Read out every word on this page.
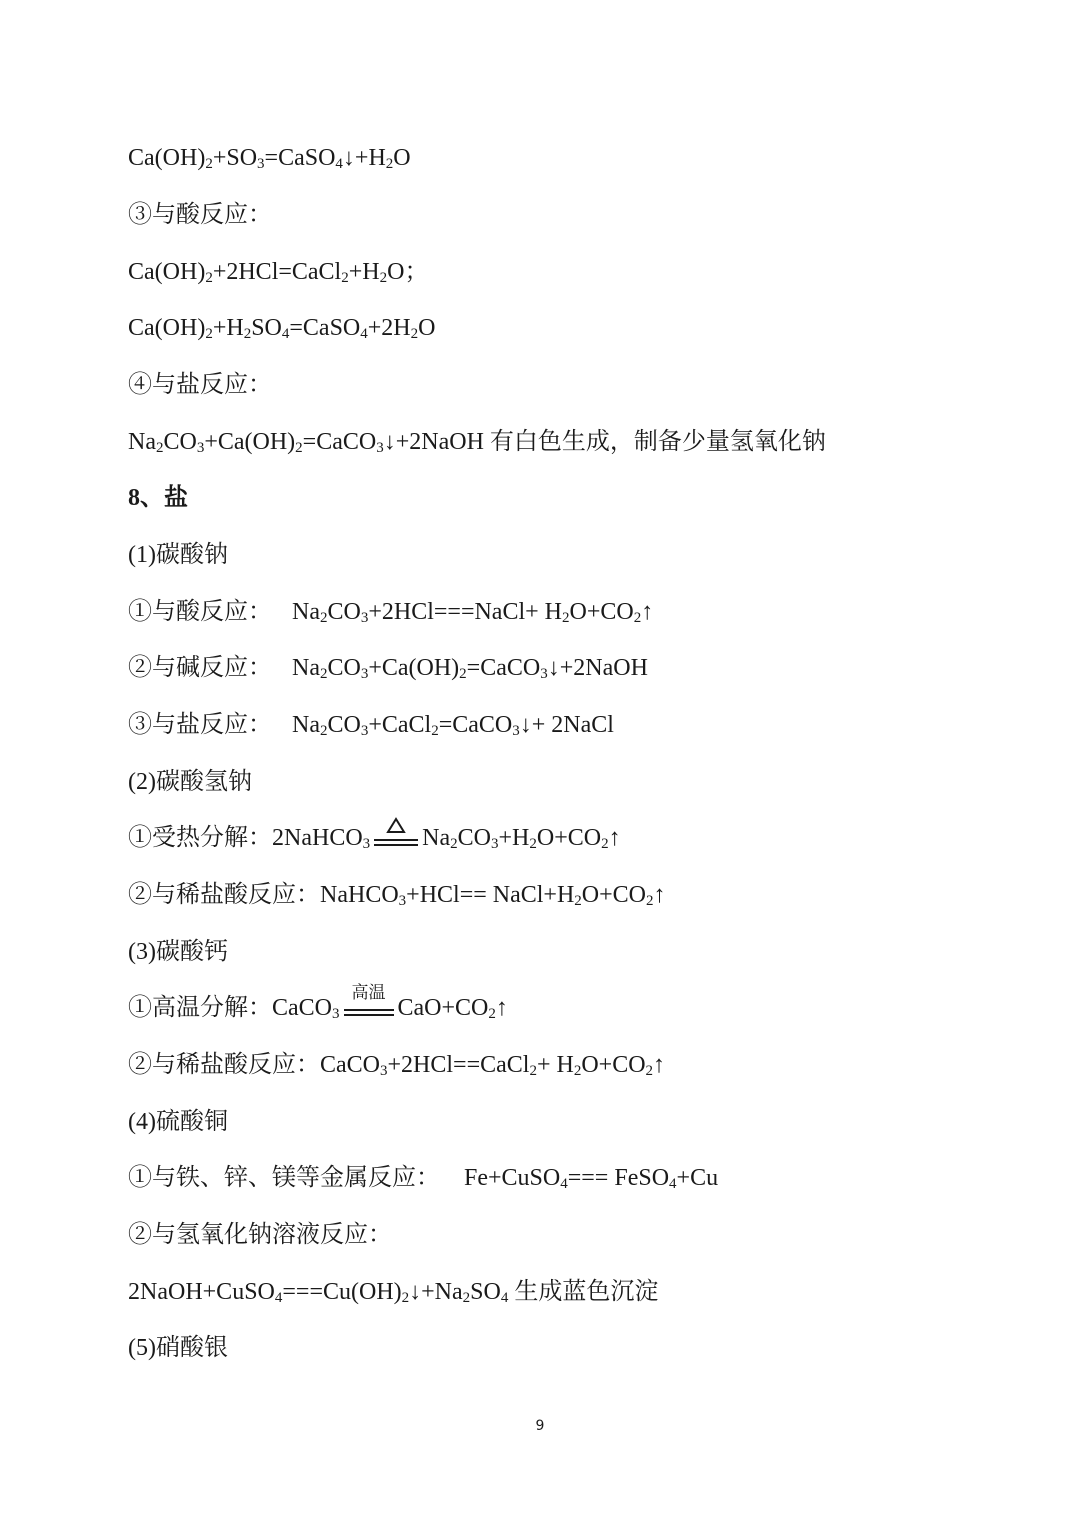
$Ca(OH)_2+SO_3=CaSO_4↓+H_2O$
③与酸反应：
$Ca(OH)_2+2HCl=CaCl_2+H_2O$；
$Ca(OH)_2+H_2SO_4=CaSO_4+2H_2O$
④与盐反应：
$Na_2CO_3+Ca(OH)_2=CaCO_3↓+2NaOH$ 有白色生成，制备少量氢氧化钠
8、盐
(1)碳酸钠
①与酸反应： $Na_2CO_3+2HCl===NaCl+$ $H_2O+CO_2↑$
②与碱反应： $Na_2CO_3+Ca(OH)_2=CaCO_3↓+2NaOH$
③与盐反应： $Na_2CO_3+CaCl_2=CaCO_3↓+$ 2NaCl
(2)碳酸氢钠
①受热分解：2NaHCO$_3$ $Na_2CO_3+H_2O+CO_2↑$
②与稀盐酸反应：NaHCO$_3$+HCl== $NaCl+H_2O+CO_2↑$
(3)碳酸钙
①高温分解：CaCO$_3$
高温
$CaO+CO_2↑$
②与稀盐酸反应：CaCO$_3$+2HCl==CaCl$_2$+ $H_2O+CO_2↑$
(4)硫酸铜
①与铁、锌、镁等金属反应： Fe+CuSO$_4$=== FeSO$_4$+Cu
②与氢氧化钠溶液反应：
$2NaOH+CuSO_4===Cu(OH)_2↓+Na_2SO_4$ 生成蓝色沉淀
(5)硝酸银
9
